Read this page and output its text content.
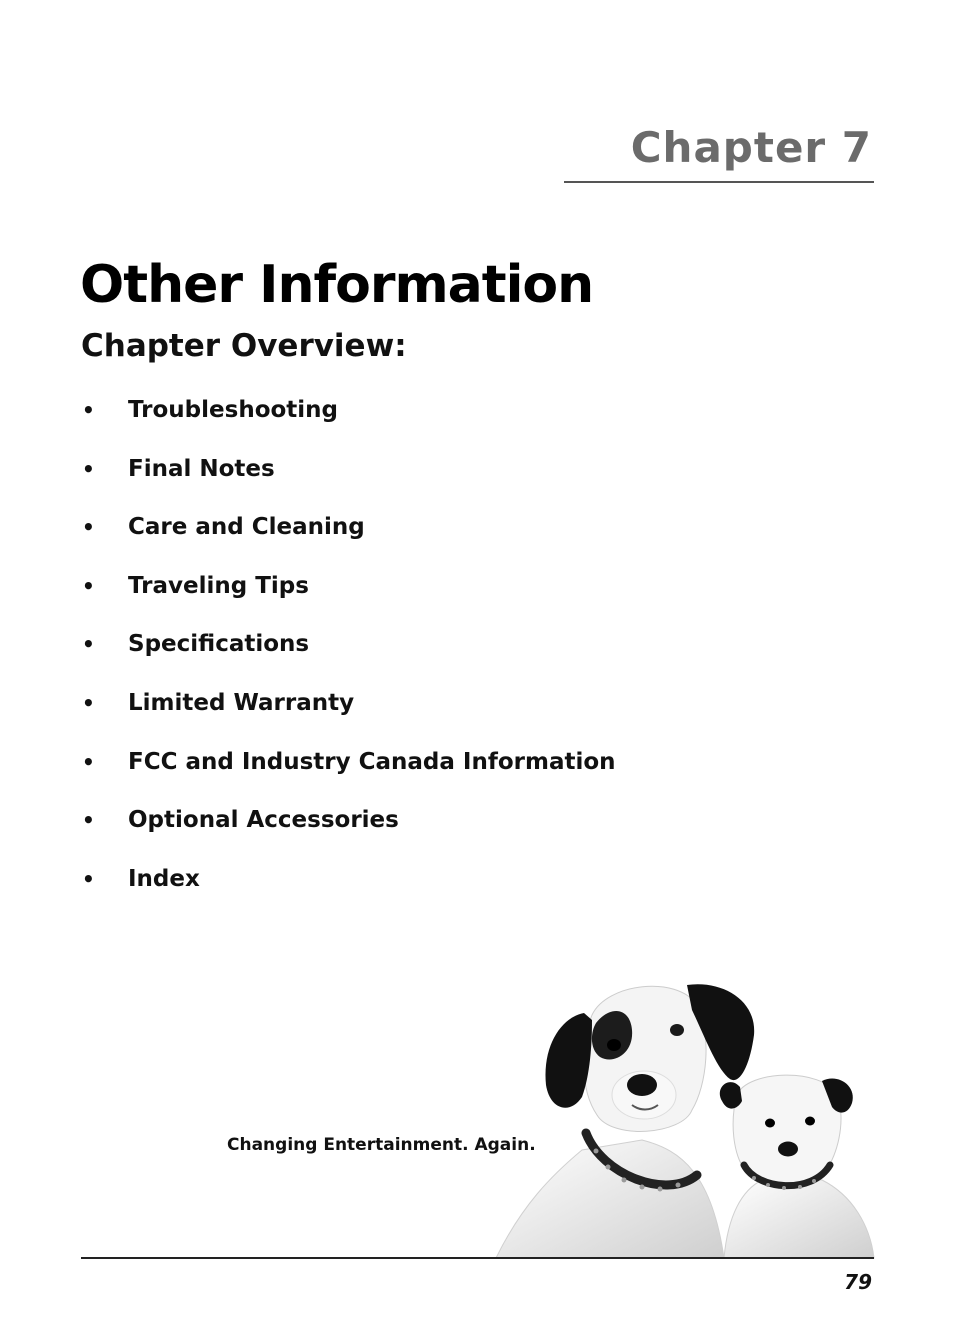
Chapter 7
Other Information
Chapter Overview:
•	Troubleshooting
•	Final Notes
•	Care and Cleaning
•	Traveling Tips
•	Specifications
•	Limited Warranty
•	FCC and Industry Canada Information
•	Optional Accessories
•	Index
Changing Entertainment. Again.
79
